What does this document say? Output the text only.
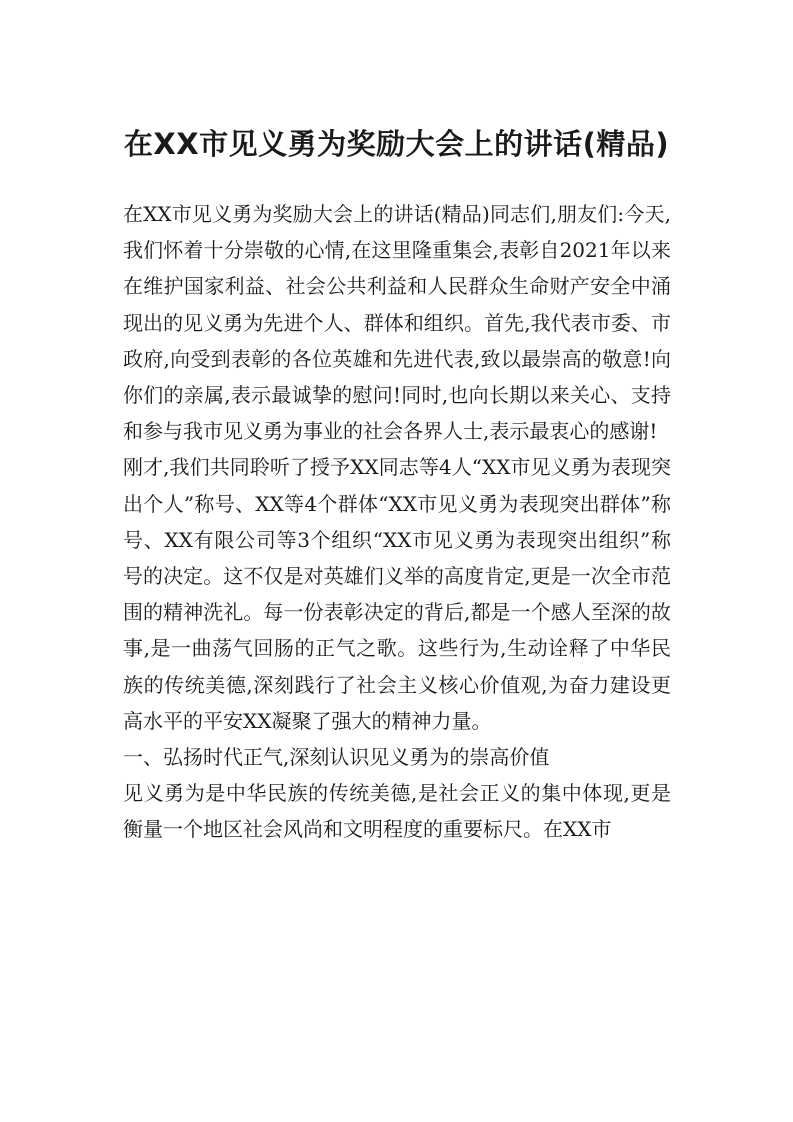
在XX市见义勇为奖励大会上的讲话(精品)

在XX市见义勇为奖励大会上的讲话(精品)同志们,朋友们:今天,我们怀着十分崇敬的心情,在这里隆重集会,表彰自2021年以来在维护国家利益、社会公共利益和人民群众生命财产安全中涌现出的见义勇为先进个人、群体和组织。首先,我代表市委、市政府,向受到表彰的各位英雄和先进代表,致以最崇高的敬意!向你们的亲属,表示最诚挚的慰问!同时,也向长期以来关心、支持和参与我市见义勇为事业的社会各界人士,表示最衷心的感谢!

刚才,我们共同聆听了授予XX同志等4人“XX市见义勇为表现突出个人”称号、XX等4个群体“XX市见义勇为表现突出群体”称号、XX有限公司等3个组织“XX市见义勇为表现突出组织”称号的决定。这不仅是对英雄们义举的高度肯定,更是一次全市范围的精神洗礼。每一份表彰决定的背后,都是一个感人至深的故事,是一曲荡气回肠的正气之歌。这些行为,生动诠释了中华民族的传统美德,深刻践行了社会主义核心价值观,为奋力建设更高水平的平安XX凝聚了强大的精神力量。

一、弘扬时代正气,深刻认识见义勇为的崇高价值

见义勇为是中华民族的传统美德,是社会正义的集中体现,更是衡量一个地区社会风尚和文明程度的重要标尺。在XX市
